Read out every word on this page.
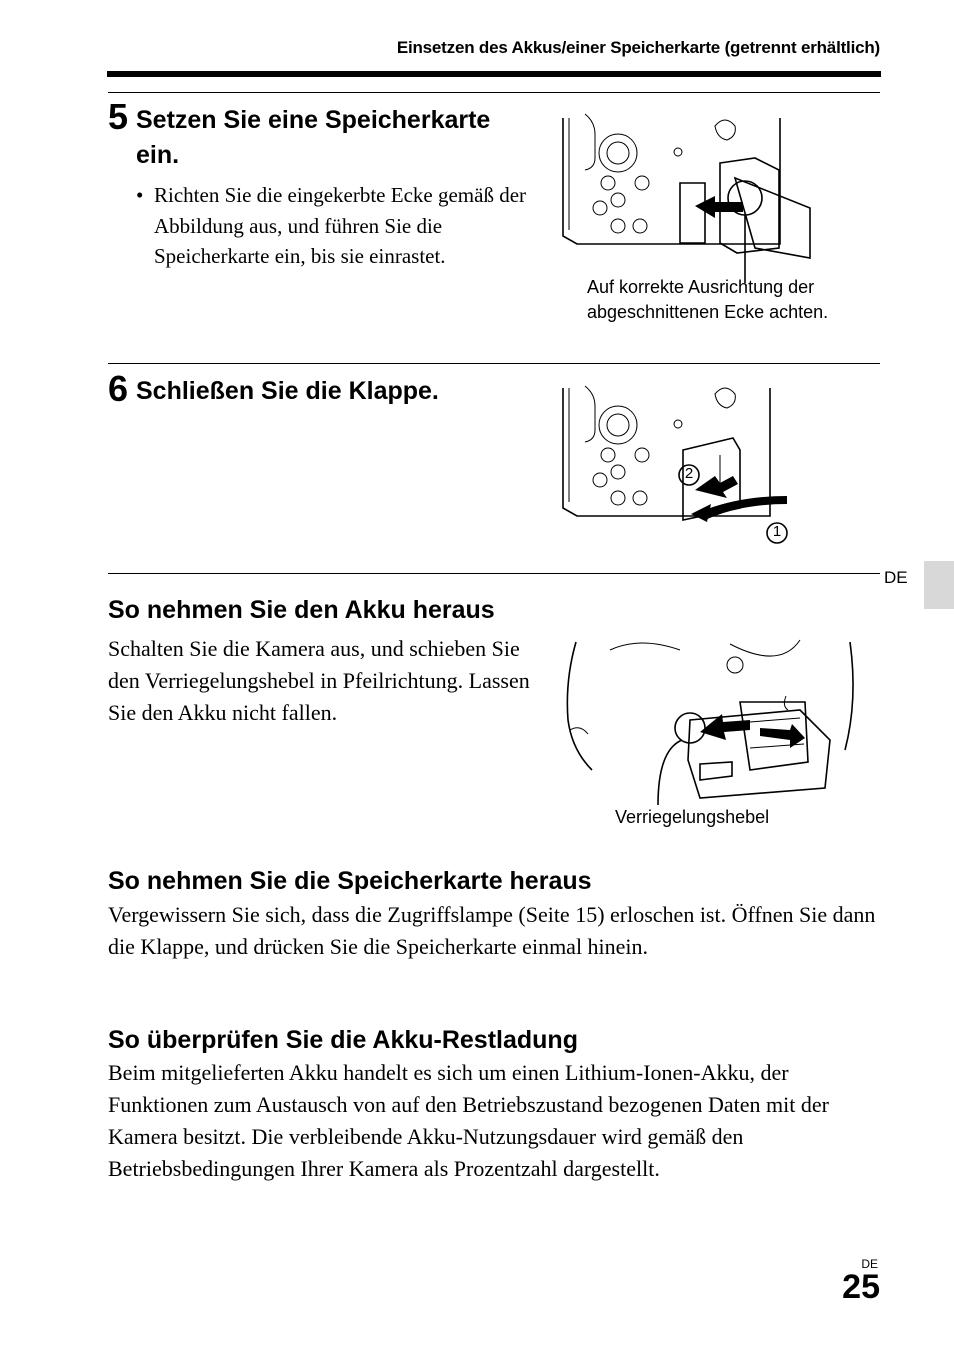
Einsetzen des Akkus/einer Speicherkarte (getrennt erhältlich)
5 Setzen Sie eine Speicherkarte ein.
• Richten Sie die eingekerbte Ecke gemäß der Abbildung aus, und führen Sie die Speicherkarte ein, bis sie einrastet.
Auf korrekte Ausrichtung der abgeschnittenen Ecke achten.
6 Schließen Sie die Klappe.
2
1
DE
So nehmen Sie den Akku heraus
Schalten Sie die Kamera aus, und schieben Sie den Verriegelungshebel in Pfeilrichtung. Lassen Sie den Akku nicht fallen.
Verriegelungshebel
So nehmen Sie die Speicherkarte heraus
Vergewissern Sie sich, dass die Zugriffslampe (Seite 15) erloschen ist. Öffnen Sie dann die Klappe, und drücken Sie die Speicherkarte einmal hinein.
So überprüfen Sie die Akku-Restladung
Beim mitgelieferten Akku handelt es sich um einen Lithium-Ionen-Akku, der Funktionen zum Austausch von auf den Betriebszustand bezogenen Daten mit der Kamera besitzt. Die verbleibende Akku-Nutzungsdauer wird gemäß den Betriebsbedingungen Ihrer Kamera als Prozentzahl dargestellt.
DE
25
